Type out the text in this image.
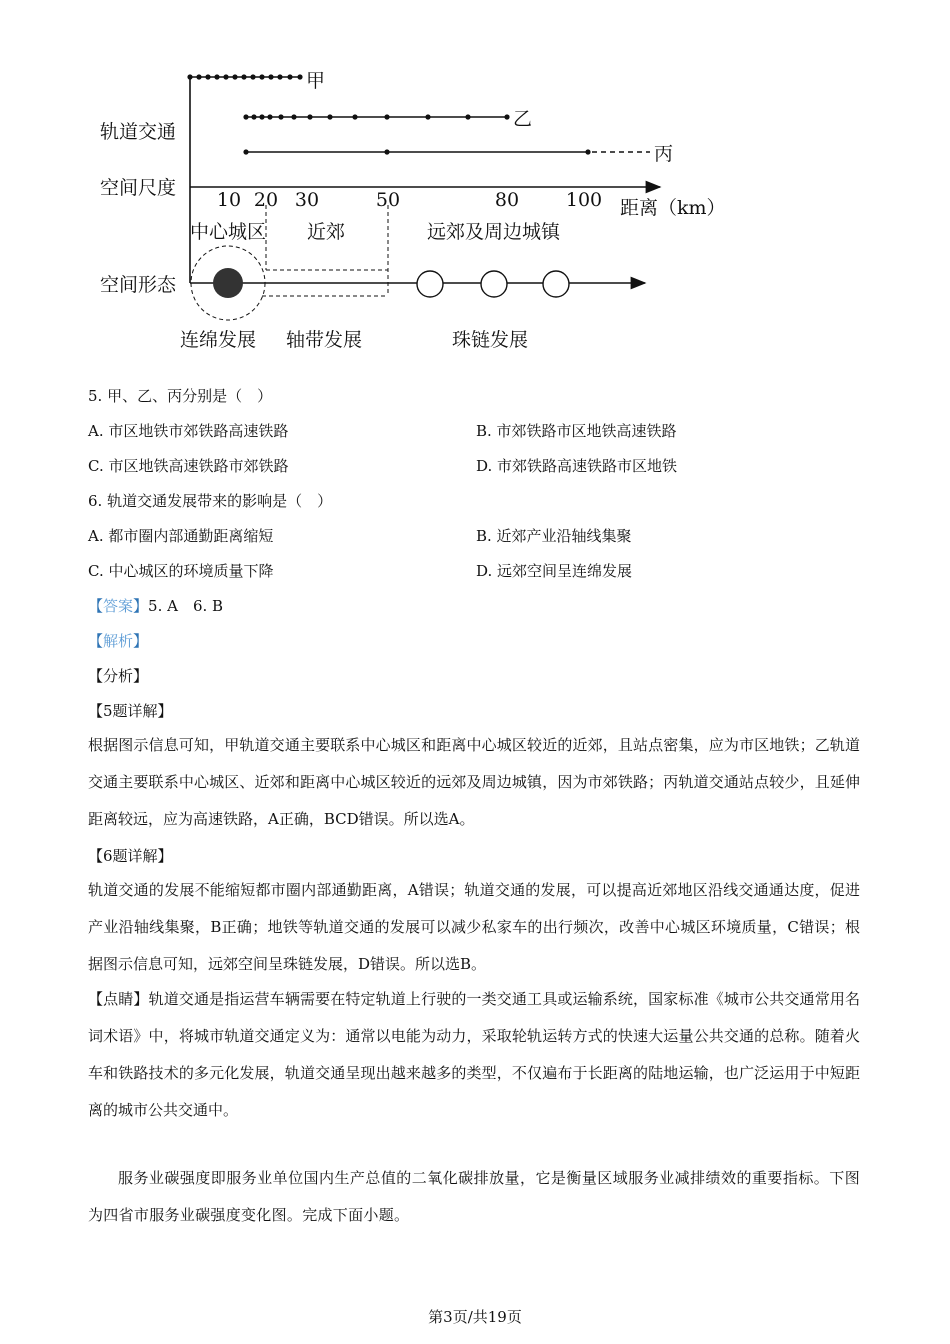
轨道交通
空间尺度
空间形态
甲
乙
丙
10 20 30	50	80 100 距离（km）
中心城区 近郊	远郊及周边城镇
连绵发展 轴带发展	珠链发展
5. 甲、乙、丙分别是（　）
A. 市区地铁市郊铁路高速铁路	B. 市郊铁路市区地铁高速铁路
C. 市区地铁高速铁路市郊铁路	D. 市郊铁路高速铁路市区地铁
6. 轨道交通发展带来的影响是（　）
A. 都市圈内部通勤距离缩短	B. 近郊产业沿轴线集聚
C. 中心城区的环境质量下降	D. 远郊空间呈连绵发展
【答案】5. A　6. B
【解析】
【分析】
【5题详解】
根据图示信息可知，甲轨道交通主要联系中心城区和距离中心城区较近的近郊，且站点密集，应为市区地铁；乙轨道交通主要联系中心城区、近郊和距离中心城区较近的远郊及周边城镇，因为市郊铁路；丙轨道交通站点较少，且延伸距离较远，应为高速铁路，A正确，BCD错误。所以选A。
【6题详解】
轨道交通的发展不能缩短都市圈内部通勤距离，A错误；轨道交通的发展，可以提高近郊地区沿线交通通达度，促进产业沿轴线集聚，B正确；地铁等轨道交通的发展可以减少私家车的出行频次，改善中心城区环境质量，C错误；根据图示信息可知，远郊空间呈珠链发展，D错误。所以选B。
【点睛】轨道交通是指运营车辆需要在特定轨道上行驶的一类交通工具或运输系统，国家标准《城市公共交通常用名词术语》中，将城市轨道交通定义为：通常以电能为动力，采取轮轨运转方式的快速大运量公共交通的总称。随着火车和铁路技术的多元化发展，轨道交通呈现出越来越多的类型，不仅遍布于长距离的陆地运输，也广泛运用于中短距离的城市公共交通中。
服务业碳强度即服务业单位国内生产总值的二氧化碳排放量，它是衡量区域服务业减排绩效的重要指标。下图为四省市服务业碳强度变化图。完成下面小题。
第3页/共19页
